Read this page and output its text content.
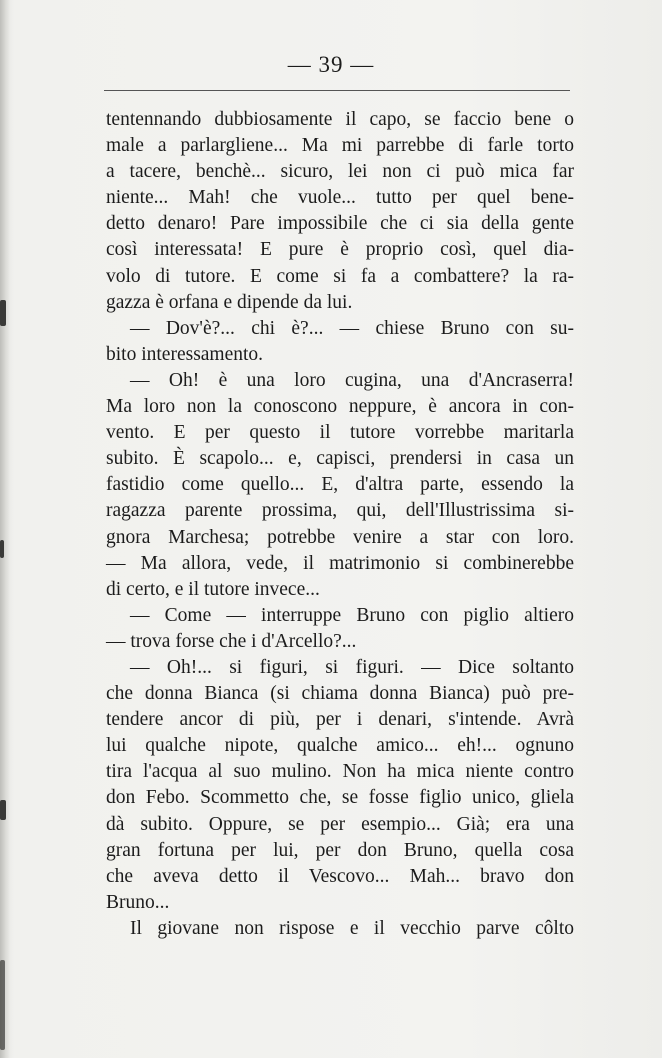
— 39 —
tentennando dubbiosamente il capo, se faccio bene o
male a parlargliene... Ma mi parrebbe di farle torto
a tacere, benchè... sicuro, lei non ci può mica far
niente... Mah! che vuole... tutto per quel bene-
detto denaro! Pare impossibile che ci sia della gente
così interessata! E pure è proprio così, quel dia-
volo di tutore. E come si fa a combattere? la ra-
gazza è orfana e dipende da lui.
— Dov'è?... chi è?... — chiese Bruno con su-
bito interessamento.
— Oh! è una loro cugina, una d'Ancraserra!
Ma loro non la conoscono neppure, è ancora in con-
vento. E per questo il tutore vorrebbe maritarla
subito. È scapolo... e, capisci, prendersi in casa un
fastidio come quello... E, d'altra parte, essendo la
ragazza parente prossima, qui, dell'Illustrissima si-
gnora Marchesa; potrebbe venire a star con loro.
— Ma allora, vede, il matrimonio si combinerebbe
di certo, e il tutore invece...
— Come — interruppe Bruno con piglio altiero
— trova forse che i d'Arcello?...
— Oh!... si figuri, si figuri. — Dice soltanto
che donna Bianca (si chiama donna Bianca) può pre-
tendere ancor di più, per i denari, s'intende. Avrà
lui qualche nipote, qualche amico... eh!... ognuno
tira l'acqua al suo mulino. Non ha mica niente contro
don Febo. Scommetto che, se fosse figlio unico, gliela
dà subito. Oppure, se per esempio... Già; era una
gran fortuna per lui, per don Bruno, quella cosa
che aveva detto il Vescovo... Mah... bravo don
Bruno...
Il giovane non rispose e il vecchio parve côlto
